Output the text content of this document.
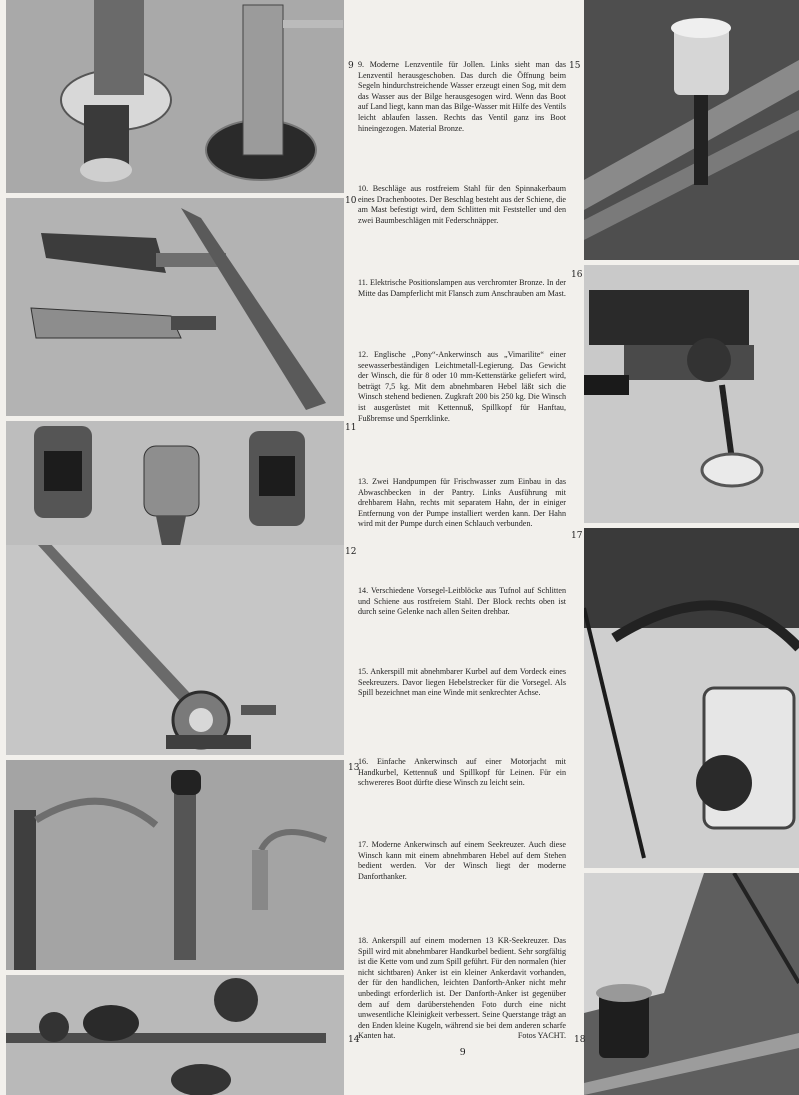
9
10
11
12
13
14
15
16
17
18
9. Moderne Lenzventile für Jollen. Links sieht man das Lenzventil herausgeschoben. Das durch die Öffnung beim Segeln hindurchstreichende Wasser erzeugt einen Sog, mit dem das Wasser aus der Bilge herausgesogen wird. Wenn das Boot auf Land liegt, kann man das Bilge-Wasser mit Hilfe des Ventils leicht ablaufen lassen. Rechts das Ventil ganz ins Boot hineingezogen. Material Bronze.
10. Beschläge aus rostfreiem Stahl für den Spinnakerbaum eines Drachenbootes. Der Beschlag besteht aus der Schiene, die am Mast befestigt wird, dem Schlitten mit Feststeller und den zwei Baumbeschlägen mit Federschnäpper.
11. Elektrische Positionslampen aus verchromter Bronze. In der Mitte das Dampferlicht mit Flansch zum Anschrauben am Mast.
12. Englische „Pony“-Ankerwinsch aus „Vimarilite“ einer seewasserbeständigen Leichtmetall-Legierung. Das Gewicht der Winsch, die für 8 oder 10 mm-Kettenstärke geliefert wird, beträgt 7,5 kg. Mit dem abnehmbaren Hebel läßt sich die Winsch stehend bedienen. Zugkraft 200 bis 250 kg. Die Winsch ist ausgerüstet mit Kettennuß, Spillkopf für Hanftau, Fußbremse und Sperrklinke.
13. Zwei Handpumpen für Frischwasser zum Einbau in das Abwaschbecken in der Pantry. Links Ausführung mit drehbarem Hahn, rechts mit separatem Hahn, der in einiger Entfernung von der Pumpe installiert werden kann. Der Hahn wird mit der Pumpe durch einen Schlauch verbunden.
14. Verschiedene Vorsegel-Leitblöcke aus Tufnol auf Schlitten und Schiene aus rostfreiem Stahl. Der Block rechts oben ist durch seine Gelenke nach allen Seiten drehbar.
15. Ankerspill mit abnehmbarer Kurbel auf dem Vordeck eines Seekreuzers. Davor liegen Hebelstrecker für die Vorsegel. Als Spill bezeichnet man eine Winde mit senkrechter Achse.
16. Einfache Ankerwinsch auf einer Motorjacht mit Handkurbel, Kettennuß und Spillkopf für Leinen. Für ein schwereres Boot dürfte diese Winsch zu leicht sein.
17. Moderne Ankerwinsch auf einem Seekreuzer. Auch diese Winsch kann mit einem abnehmbaren Hebel auf dem Stehen bedient werden. Vor der Winsch liegt der moderne Danforthanker.
18. Ankerspill auf einem modernen 13 KR-Seekreuzer. Das Spill wird mit abnehmbarer Handkurbel bedient. Sehr sorgfältig ist die Kette vom und zum Spill geführt. Für den normalen (hier nicht sichtbaren) Anker ist ein kleiner Ankerdavit vorhanden, der für den handlichen, leichten Danforth-Anker nicht mehr unbedingt erforderlich ist. Der Danforth-Anker ist gegenüber dem auf dem darüberstehenden Foto durch eine nicht unwesentliche Kleinigkeit verbessert. Seine Querstange trägt an den Enden kleine Kugeln, während sie bei dem anderen scharfe Kanten hat.	Fotos YACHT.
9
